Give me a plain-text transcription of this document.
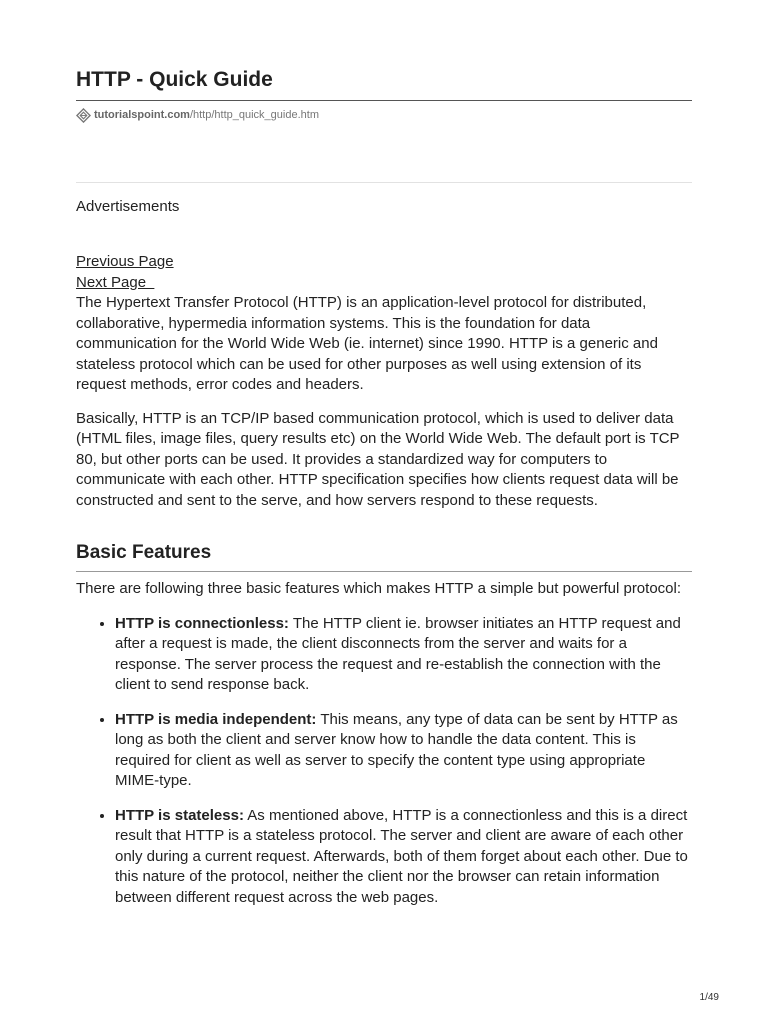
HTTP - Quick Guide
tutorialspoint.com /http/http_quick_guide.htm
Advertisements
Previous Page
Next Page

The Hypertext Transfer Protocol (HTTP) is an application-level protocol for distributed, collaborative, hypermedia information systems. This is the foundation for data communication for the World Wide Web (ie. internet) since 1990. HTTP is a generic and stateless protocol which can be used for other purposes as well using extension of its request methods, error codes and headers.

Basically, HTTP is an TCP/IP based communication protocol, which is used to deliver data (HTML files, image files, query results etc) on the World Wide Web. The default port is TCP 80, but other ports can be used. It provides a standardized way for computers to communicate with each other. HTTP specification specifies how clients request data will be constructed and sent to the serve, and how servers respond to these requests.

Basic Features

There are following three basic features which makes HTTP a simple but powerful protocol:

• HTTP is connectionless: The HTTP client ie. browser initiates an HTTP request and after a request is made, the client disconnects from the server and waits for a response. The server process the request and re-establish the connection with the client to send response back.
• HTTP is media independent: This means, any type of data can be sent by HTTP as long as both the client and server know how to handle the data content. This is required for client as well as server to specify the content type using appropriate MIME-type.
• HTTP is stateless: As mentioned above, HTTP is a connectionless and this is a direct result that HTTP is a stateless protocol. The server and client are aware of each other only during a current request. Afterwards, both of them forget about each other. Due to this nature of the protocol, neither the client nor the browser can retain information between different request across the web pages.
1/49
